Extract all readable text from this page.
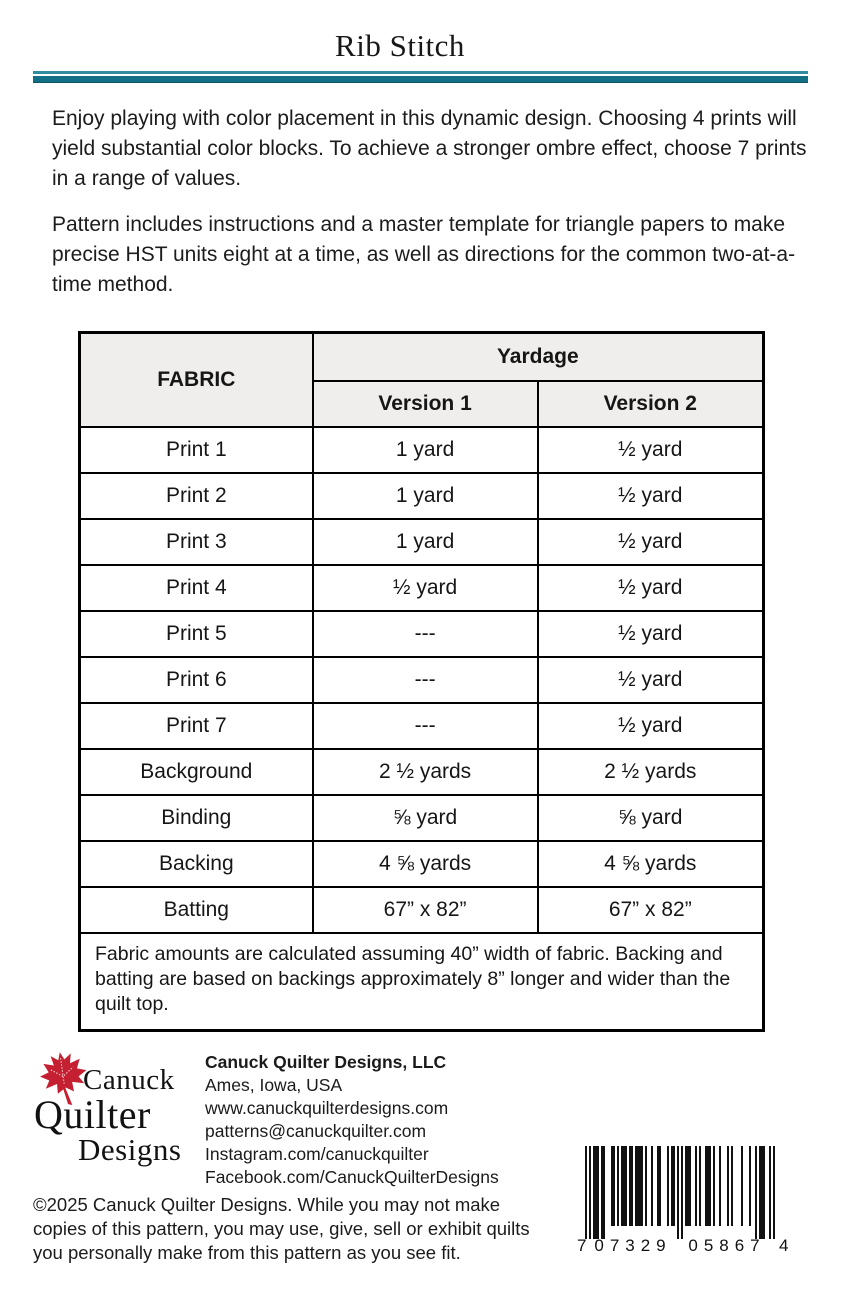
Rib Stitch

Enjoy playing with color placement in this dynamic design. Choosing 4 prints will yield substantial color blocks. To achieve a stronger ombre effect, choose 7 prints in a range of values.

Pattern includes instructions and a master template for triangle papers to make precise HST units eight at a time, as well as directions for the common two-at-a-time method.

FABRIC	Yardage	
	Version 1	Version 2
Print 1	1 yard	½ yard
Print 2	1 yard	½ yard
Print 3	1 yard	½ yard
Print 4	½ yard	½ yard
Print 5	---	½ yard
Print 6	---	½ yard
Print 7	---	½ yard
Background	2 ½ yards	2 ½ yards
Binding	⅝ yard	⅝ yard
Backing	4 ⅝ yards	4 ⅝ yards
Batting	67” x 82”	67” x 82”
Fabric amounts are calculated assuming 40” width of fabric. Backing and batting are based on backings approximately 8” longer and wider than the quilt top.		
Canuck
Quilter
Designs
Canuck Quilter Designs, LLC
Ames, Iowa, USA
www.canuckquilterdesigns.com
patterns@canuckquilter.com
Instagram.com/canuckquilter
Facebook.com/CanuckQuilterDesigns
©2025 Canuck Quilter Designs. While you may not make
copies of this pattern, you may use, give, sell or exhibit quilts
you personally make from this pattern as you see fit.	7 07329 05867 4
